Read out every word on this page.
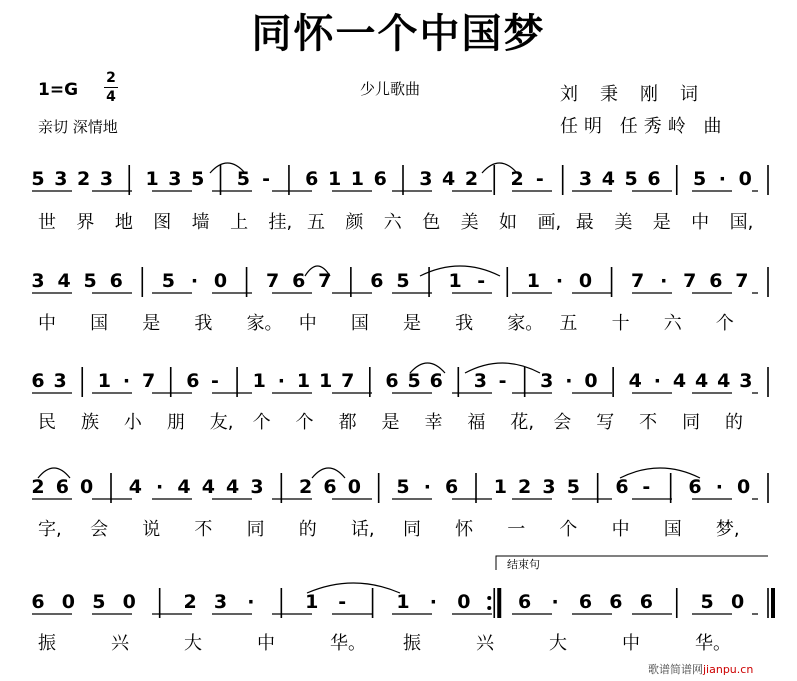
同怀一个中国梦
少儿歌曲
1=G
2
4
亲切 深情地
刘秉刚词
任明 任秀岭 曲
结束句
歌谱简谱网jianpu.cn
5 3 2 3 1 3 5 5 - 6 1 1 6 3 4 2 2 - 3 4 5 6 5 · 0
世 界 地 图 墙 上 挂, 五 颜 六 色 美 如 画, 最 美 是 中 国,
3 4 5 6 5 · 0 7 6 7 6 5 1 - 1 · 0 7 · 7 6 7
中 国 是 我 家。 中 国 是 我 家。 五 十 六 个
6 3 1 · 7 6 - 1 · 1 1 7 6 5 6 3 - 3 · 0 4 · 4 4 4 3
民 族 小 朋 友, 个 个 都 是 幸 福 花, 会 写 不 同 的
2 6 0 4 · 4 4 4 3 2 6 0 5 · 6 1 2 3 5 6 - 6 · 0
字, 会 说 不 同 的 话, 同 怀 一 个 中 国 梦,
6 0 5 0	2 3 ·	1 -	1 · 0	6 · 6 6 6	5 0
振	兴	大	中	华。 振	兴	大	中	华。
